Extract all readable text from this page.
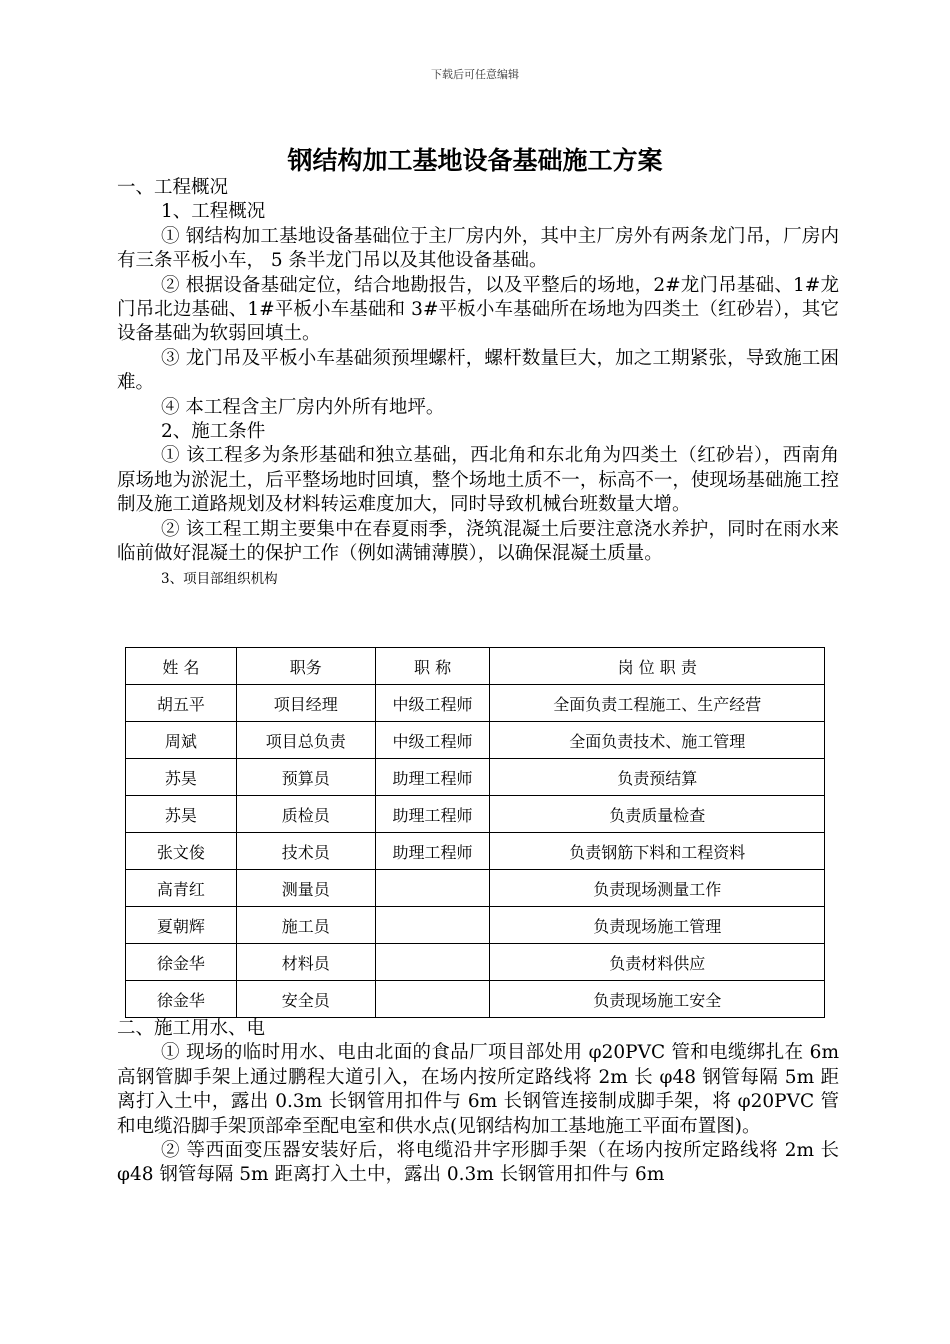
下载后可任意编辑
钢结构加工基地设备基础施工方案

一、工程概况

1、工程概况

① 钢结构加工基地设备基础位于主厂房内外，其中主厂房外有两条龙门吊，厂房内有三条平板小车， 5 条半龙门吊以及其他设备基础。

② 根据设备基础定位，结合地勘报告，以及平整后的场地，2#龙门吊基础、1#龙门吊北边基础、1#平板小车基础和 3#平板小车基础所在场地为四类土（红砂岩），其它设备基础为软弱回填土。

③ 龙门吊及平板小车基础须预埋螺杆，螺杆数量巨大，加之工期紧张，导致施工困难。

④ 本工程含主厂房内外所有地坪。

2、施工条件

① 该工程多为条形基础和独立基础，西北角和东北角为四类土（红砂岩），西南角原场地为淤泥土，后平整场地时回填，整个场地土质不一，标高不一，使现场基础施工控制及施工道路规划及材料转运难度加大，同时导致机械台班数量大增。

② 该工程工期主要集中在春夏雨季，浇筑混凝土后要注意浇水养护，同时在雨水来临前做好混凝土的保护工作（例如满铺薄膜），以确保混凝土质量。

3、项目部组织机构

姓 名	职务	职 称	岗 位 职 责
胡五平	项目经理	中级工程师	全面负责工程施工、生产经营
周斌	项目总负责	中级工程师	全面负责技术、施工管理
苏昊	预算员	助理工程师	负责预结算
苏昊	质检员	助理工程师	负责质量检查
张文俊	技术员	助理工程师	负责钢筋下料和工程资料
高青红	测量员		负责现场测量工作
夏朝辉	施工员		负责现场施工管理
徐金华	材料员		负责材料供应
徐金华	安全员		负责现场施工安全

二、施工用水、电

① 现场的临时用水、电由北面的食品厂项目部处用 φ20PVC 管和电缆绑扎在 6m 高钢管脚手架上通过鹏程大道引入，在场内按所定路线将 2m 长 φ48 钢管每隔 5m 距离打入土中，露出 0.3m 长钢管用扣件与 6m 长钢管连接制成脚手架，将 φ20PVC 管和电缆沿脚手架顶部牵至配电室和供水点(见钢结构加工基地施工平面布置图)。

② 等西面变压器安装好后，将电缆沿井字形脚手架（在场内按所定路线将 2m 长 φ48 钢管每隔 5m 距离打入土中，露出 0.3m 长钢管用扣件与 6m
